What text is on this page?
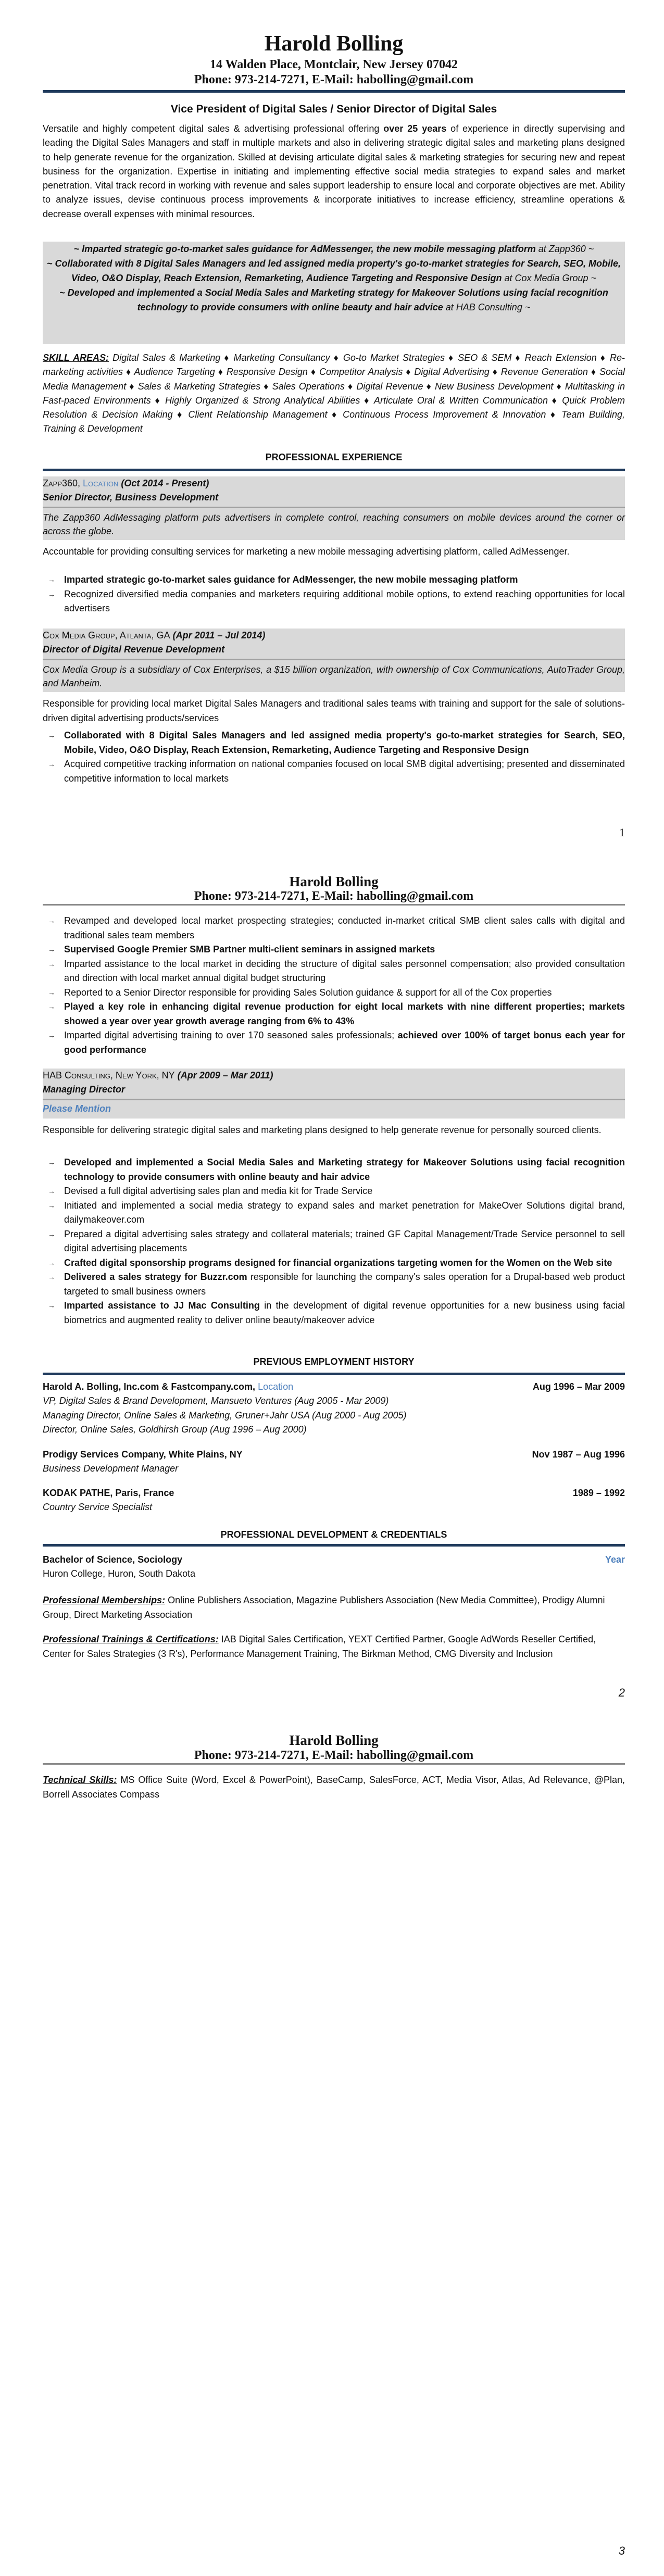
Harold Bolling
14 Walden Place, Montclair, New Jersey 07042
Phone: 973-214-7271, E-Mail: habolling@gmail.com
Vice President of Digital Sales / Senior Director of Digital Sales
Versatile and highly competent digital sales & advertising professional offering over 25 years of experience in directly supervising and leading the Digital Sales Managers and staff in multiple markets and also in delivering strategic digital sales and marketing plans designed to help generate revenue for the organization. Skilled at devising articulate digital sales & marketing strategies for securing new and repeat business for the organization. Expertise in initiating and implementing effective social media strategies to expand sales and market penetration. Vital track record in working with revenue and sales support leadership to ensure local and corporate objectives are met. Ability to analyze issues, devise continuous process improvements & incorporate initiatives to increase efficiency, streamline operations & decrease overall expenses with minimal resources.
~ Imparted strategic go-to-market sales guidance for AdMessenger, the new mobile messaging platform at Zapp360 ~
~ Collaborated with 8 Digital Sales Managers and led assigned media property's go-to-market strategies for Search, SEO, Mobile, Video, O&O Display, Reach Extension, Remarketing, Audience Targeting and Responsive Design at Cox Media Group ~
~ Developed and implemented a Social Media Sales and Marketing strategy for Makeover Solutions using facial recognition technology to provide consumers with online beauty and hair advice at HAB Consulting ~
SKILL AREAS: Digital Sales & Marketing ♦ Marketing Consultancy ♦ Go-to Market Strategies ♦ SEO & SEM ♦ Reach Extension ♦ Re-marketing activities ♦ Audience Targeting ♦ Responsive Design ♦ Competitor Analysis ♦ Digital Advertising ♦ Revenue Generation ♦ Social Media Management ♦ Sales & Marketing Strategies ♦ Sales Operations ♦ Digital Revenue ♦ New Business Development ♦ Multitasking in Fast-paced Environments ♦ Highly Organized & Strong Analytical Abilities ♦ Articulate Oral & Written Communication ♦ Quick Problem Resolution & Decision Making ♦ Client Relationship Management ♦ Continuous Process Improvement & Innovation ♦ Team Building, Training & Development
PROFESSIONAL EXPERIENCE
Zapp360, Location (Oct 2014 - Present)
Senior Director, Business Development
The Zapp360 AdMessaging platform puts advertisers in complete control, reaching consumers on mobile devices around the corner or across the globe.
Accountable for providing consulting services for marketing a new mobile messaging advertising platform, called AdMessenger.
→ Imparted strategic go-to-market sales guidance for AdMessenger, the new mobile messaging platform
→ Recognized diversified media companies and marketers requiring additional mobile options, to extend reaching opportunities for local advertisers
Cox Media Group, Atlanta, GA (Apr 2011 – Jul 2014)
Director of Digital Revenue Development
Cox Media Group is a subsidiary of Cox Enterprises, a $15 billion organization, with ownership of Cox Communications, AutoTrader Group, and Manheim.
Responsible for providing local market Digital Sales Managers and traditional sales teams with training and support for the sale of solutions-driven digital advertising products/services
→ Collaborated with 8 Digital Sales Managers and led assigned media property's go-to-market strategies for Search, SEO, Mobile, Video, O&O Display, Reach Extension, Remarketing, Audience Targeting and Responsive Design
→ Acquired competitive tracking information on national companies focused on local SMB digital advertising; presented and disseminated competitive information to local markets
1
Harold Bolling
Phone: 973-214-7271, E-Mail: habolling@gmail.com
→ Revamped and developed local market prospecting strategies; conducted in-market critical SMB client sales calls with digital and traditional sales team members
→ Supervised Google Premier SMB Partner multi-client seminars in assigned markets
→ Imparted assistance to the local market in deciding the structure of digital sales personnel compensation; also provided consultation and direction with local market annual digital budget structuring
→ Reported to a Senior Director responsible for providing Sales Solution guidance & support for all of the Cox properties
→ Played a key role in enhancing digital revenue production for eight local markets with nine different properties; markets showed a year over year growth average ranging from 6% to 43%
→ Imparted digital advertising training to over 170 seasoned sales professionals; achieved over 100% of target bonus each year for good performance
HAB Consulting, New York, NY (Apr 2009 – Mar 2011)
Managing Director
Please Mention
Responsible for delivering strategic digital sales and marketing plans designed to help generate revenue for personally sourced clients.
→ Developed and implemented a Social Media Sales and Marketing strategy for Makeover Solutions using facial recognition technology to provide consumers with online beauty and hair advice
→ Devised a full digital advertising sales plan and media kit for Trade Service
→ Initiated and implemented a social media strategy to expand sales and market penetration for MakeOver Solutions digital brand, dailymakeover.com
→ Prepared a digital advertising sales strategy and collateral materials; trained GF Capital Management/Trade Service personnel to sell digital advertising placements
→ Crafted digital sponsorship programs designed for financial organizations targeting women for the Women on the Web site
→ Delivered a sales strategy for Buzzr.com responsible for launching the company's sales operation for a Drupal-based web product targeted to small business owners
→ Imparted assistance to JJ Mac Consulting in the development of digital revenue opportunities for a new business using facial biometrics and augmented reality to deliver online beauty/makeover advice
PREVIOUS EMPLOYMENT HISTORY
Harold A. Bolling, Inc.com & Fastcompany.com, Location	Aug 1996 – Mar 2009
VP, Digital Sales & Brand Development, Mansueto Ventures (Aug 2005 - Mar 2009)
Managing Director, Online Sales & Marketing, Gruner+Jahr USA (Aug 2000 - Aug 2005)
Director, Online Sales, Goldhirsh Group (Aug 1996 – Aug 2000)
Prodigy Services Company, White Plains, NY	Nov 1987 – Aug 1996
Business Development Manager
KODAK PATHE, Paris, France	1989 – 1992
Country Service Specialist
PROFESSIONAL DEVELOPMENT & CREDENTIALS
Bachelor of Science, Sociology	Year
Huron College, Huron, South Dakota
Professional Memberships: Online Publishers Association, Magazine Publishers Association (New Media Committee), Prodigy Alumni Group, Direct Marketing Association
Professional Trainings & Certifications: IAB Digital Sales Certification, YEXT Certified Partner, Google AdWords Reseller Certified, Center for Sales Strategies (3 R's), Performance Management Training, The Birkman Method, CMG Diversity and Inclusion
2
Harold Bolling
Phone: 973-214-7271, E-Mail: habolling@gmail.com
Technical Skills: MS Office Suite (Word, Excel & PowerPoint), BaseCamp, SalesForce, ACT, Media Visor, Atlas, Ad Relevance, @Plan, Borrell Associates Compass
3
